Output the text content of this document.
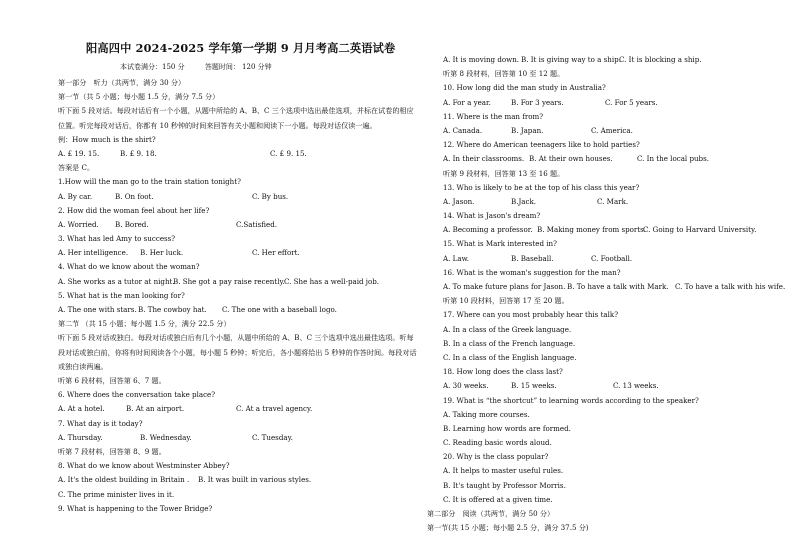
阳高四中 2024-2025 学年第一学期 9 月月考高二英语试卷
本试卷满分：150 分	答题时间： 120 分钟
第一部分　听力（共两节，满分 30 分）
第一节（共 5 小题；每小题 1.5 分，满分 7.5 分）
听下面 5 段对话。每段对话后有一个小题，从题中所给的 A、B、C 三个选项中选出最佳选项，并标在试卷的相应位置。听完每段对话后，你都有 10 秒钟的时间来回答有关小题和阅读下一小题。每段对话仅读一遍。
例：How much is the shirt?
A. £ 19. 15.	B. £ 9. 18.	C. £ 9. 15.
答案是 C。
1.How will the man go to the train station tonight?
A. By car.	B. On foot.	C. By bus.
2. How did the woman feel about her life?
A. Worried. B. Bored.	C.Satisfied.
3. What has led Amy to success?
A. Her intelligence. B. Her luck.	C. Her effort.
4. What do we know about the woman?
A. She works as a tutor at night.
B. She got a pay raise recently. C. She has a well-paid job.
5. What hat is the man looking for?
A. The one with stars. B. The cowboy hat. C. The one with a baseball logo.
第二节 （共 15 小题；每小题 1.5 分，满分 22.5 分）
听下面 5 段对话或独白。每段对话或独白后有几个小题，从题中所给的 A、B、C 三个选项中选出最佳选项。听每段对话或独白前，你将有时间阅读各个小题，每小题 5 秒钟；听完后，各小题将给出 5 秒钟的作答时间。每段对话或独白读两遍。
听第 6 段材料，回答第 6、7 题。
6. Where does the conversation take place?
A. At a hotel.	B. At an airport.	C. At a travel agency.
7. What day is it today?
A. Thursday.	B. Wednesday.	C. Tuesday.
听第 7 段材料，回答第 8、9 题。
8. What do we know about Westminster Abbey?
A. It's the oldest building in Britain . B. It was built in various styles.
C. The prime minister lives in it.
9. What is happening to the Tower Bridge?
A. It is moving down. B. It is giving way to a ship.
C. It is blocking a ship.
听第 8 段材料，回答第 10 至 12 题。
10. How long did the man study in Australia?
A. For a year.	B. For 3 years.	C. For 5 years.
11. Where is the man from?
A. Canada.	B. Japan.	C. America.
12. Where do American teenagers like to hold parties?
A. In their classrooms. B. At their own houses.	C. In the local pubs.
听第 9 段材料，回答第 13 至 16 题。
13. Who is likely to be at the top of his class this year?
A. Jason.	B.Jack.	C. Mark.
14. What is Jason's dream?
A. Becoming a professor. B. Making money from sports.
C. Going to Harvard University.
15. What is Mark interested in?
A. Law.	B. Baseball.	C. Football.
16. What is the woman's suggestion for the man?
A. To make future plans for Jason. B. To have a talk with Mark. C. To have a talk with his wife.
听第 10 段材料，回答第 17 至 20 题。
17. Where can you most probably hear this talk?
A. In a class of the Greek language.
B. In a class of the French language.
C. In a class of the English language.
18. How long does the class last?
A. 30 weeks.	B. 15 weeks.	C. 13 weeks.
19. What is “the shortcut” to learning words according to the speaker?
A. Taking more courses.
B. Learning how words are formed.
C. Reading basic words aloud.
20. Why is the class popular?
A. It helps to master useful rules.
B. It's taught by Professor Morris.
C. It is offered at a given time.
第二部分　阅读（共两节，满分 50 分）
第一节(共 15 小题；每小题 2.5 分，满分 37.5 分)
